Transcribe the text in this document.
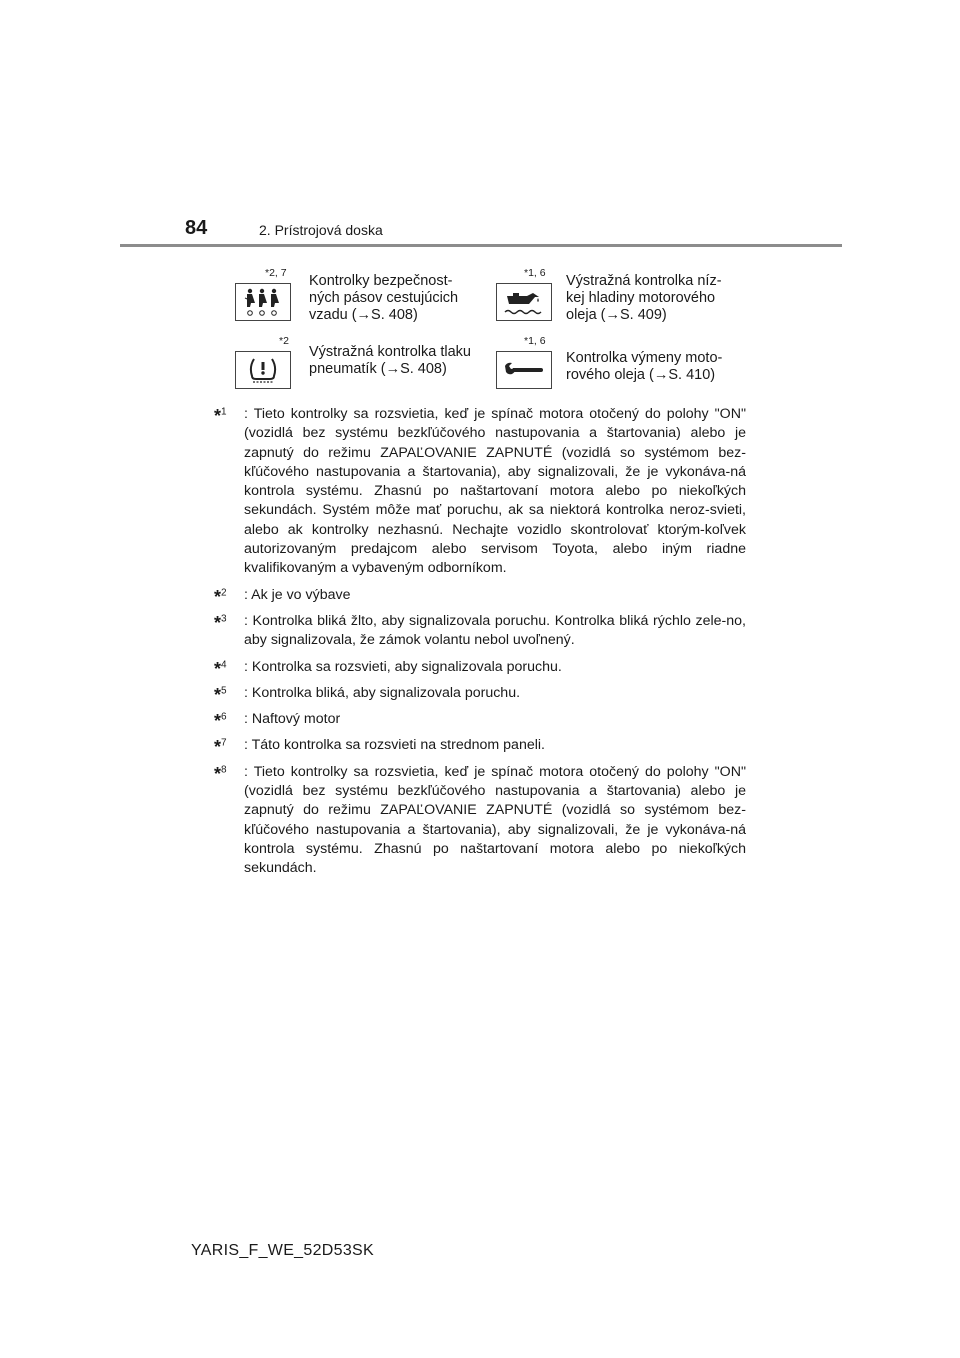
84	2. Prístrojová doska
*2, 7 Kontrolky bezpečnost-
ných pásov cestujúcich
vzadu (→S. 408)
*1, 6 Výstražná kontrolka níz-
kej hladiny motorového
oleja (→S. 409)
*2
Výstražná kontrolka tlaku
pneumatík (→S. 408)
*1, 6
Kontrolka výmeny moto-
rového oleja (→S. 410)
*$^1$ : Tieto kontrolky sa rozsvietia, keď je spínač motora otočený do polohy "ON" (vozidlá bez systému bezkľúčového nastupovania a štartovania) alebo je zapnutý do režimu ZAPAĽOVANIE ZAPNUTÉ (vozidlá so systémom bez-kľúčového nastupovania a štartovania), aby signalizovali, že je vykonáva-ná kontrola systému. Zhasnú po naštartovaní motora alebo po niekoľkých sekundách. Systém môže mať poruchu, ak sa niektorá kontrolka neroz-svieti, alebo ak kontrolky nezhasnú. Nechajte vozidlo skontrolovať ktorým-koľvek autorizovaným predajcom alebo servisom Toyota, alebo iným riadne kvalifikovaným a vybaveným odborníkom.
*$^2$ : Ak je vo výbave
*$^3$ : Kontrolka bliká žlto, aby signalizovala poruchu. Kontrolka bliká rýchlo zele-no, aby signalizovala, že zámok volantu nebol uvoľnený.
*$^4$ : Kontrolka sa rozsvieti, aby signalizovala poruchu.
*$^5$ : Kontrolka bliká, aby signalizovala poruchu.
*$^6$ : Naftový motor
*$^7$ : Táto kontrolka sa rozsvieti na strednom paneli.
*$^8$ : Tieto kontrolky sa rozsvietia, keď je spínač motora otočený do polohy "ON" (vozidlá bez systému bezkľúčového nastupovania a štartovania) alebo je zapnutý do režimu ZAPAĽOVANIE ZAPNUTÉ (vozidlá so systémom bez-kľúčového nastupovania a štartovania), aby signalizovali, že je vykonáva-ná kontrola systému. Zhasnú po naštartovaní motora alebo po niekoľkých sekundách.
YARIS_F_WE_52D53SK
